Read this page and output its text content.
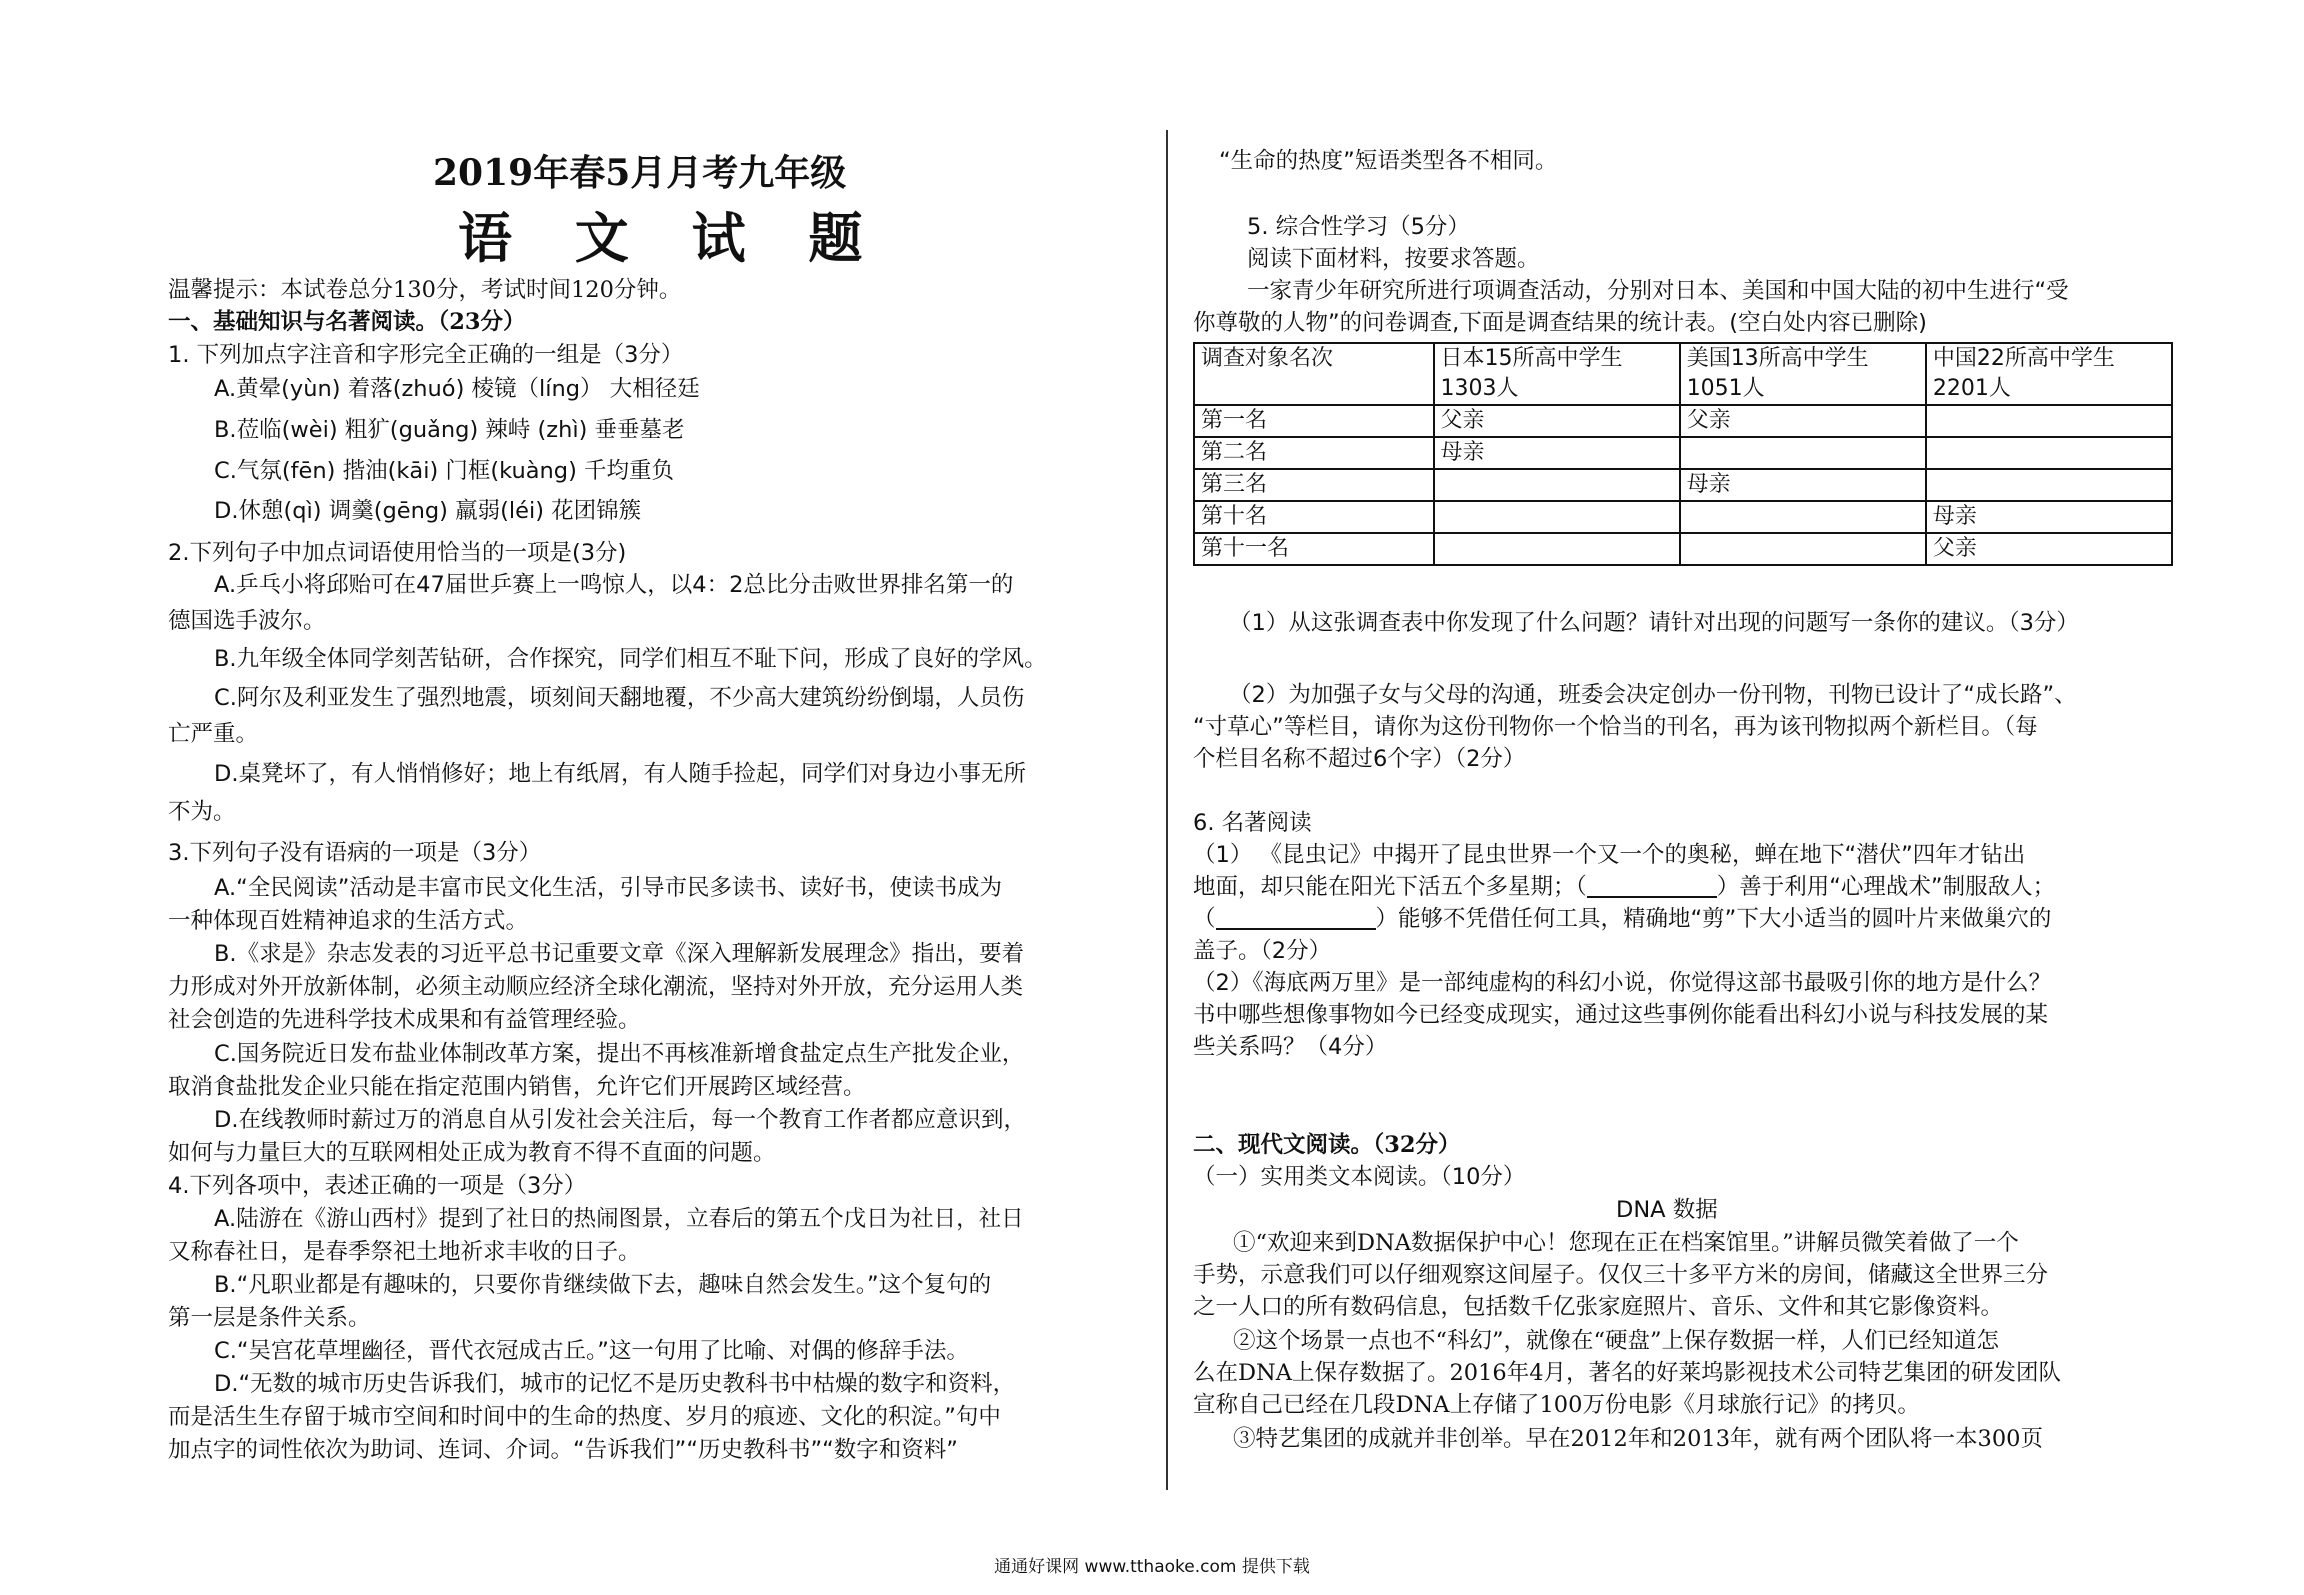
2019年春5月月考九年级
语 文 试 题
温馨提示：本试卷总分130分，考试时间120分钟。
一、基础知识与名著阅读。（23分）
1. 下列加点字注音和字形完全正确的一组是（3分）
A.黄晕(yùn) 着落(zhuó) 棱镜（líng） 大相径廷
B.莅临(wèi) 粗犷(guǎng) 辣峙 (zhì) 垂垂墓老
C.气氛(fēn) 揩油(kāi) 门框(kuàng) 千均重负
D.休憩(qì) 调羹(gēng) 羸弱(léi) 花团锦簇
2.下列句子中加点词语使用恰当的一项是(3分)
A.乒乓小将邱贻可在47届世乒赛上一鸣惊人，以4：2总比分击败世界排名第一的
德国选手波尔。
B.九年级全体同学刻苦钻研，合作探究，同学们相互不耻下问，形成了良好的学风。
C.阿尔及利亚发生了强烈地震，顷刻间天翻地覆，不少高大建筑纷纷倒塌，人员伤
亡严重。
D.桌凳坏了，有人悄悄修好；地上有纸屑，有人随手捡起，同学们对身边小事无所
不为。
3.下列句子没有语病的一项是（3分）
A.“全民阅读”活动是丰富市民文化生活，引导市民多读书、读好书，使读书成为
一种体现百姓精神追求的生活方式。
B.《求是》杂志发表的习近平总书记重要文章《深入理解新发展理念》指出，要着
力形成对外开放新体制，必须主动顺应经济全球化潮流，坚持对外开放，充分运用人类
社会创造的先进科学技术成果和有益管理经验。
C.国务院近日发布盐业体制改革方案，提出不再核准新增食盐定点生产批发企业，
取消食盐批发企业只能在指定范围内销售，允许它们开展跨区域经营。
D.在线教师时薪过万的消息自从引发社会关注后，每一个教育工作者都应意识到，
如何与力量巨大的互联网相处正成为教育不得不直面的问题。
4.下列各项中，表述正确的一项是（3分）
A.陆游在《游山西村》提到了社日的热闹图景，立春后的第五个戊日为社日，社日
又称春社日，是春季祭祀土地祈求丰收的日子。
B.“凡职业都是有趣味的，只要你肯继续做下去，趣味自然会发生。”这个复句的
第一层是条件关系。
C.“吴宫花草埋幽径，晋代衣冠成古丘。”这一句用了比喻、对偶的修辞手法。
D.“无数的城市历史告诉我们，城市的记忆不是历史教科书中枯燥的数字和资料，
而是活生生存留于城市空间和时间中的生命的热度、岁月的痕迹、文化的积淀。”句中
加点字的词性依次为助词、连词、介词。“告诉我们”“历史教科书”“数字和资料”
“生命的热度”短语类型各不相同。
5. 综合性学习（5分）
阅读下面材料，按要求答题。
一家青少年研究所进行项调查活动，分别对日本、美国和中国大陆的初中生进行“受
你尊敬的人物”的问卷调查,下面是调查结果的统计表。(空白处内容已删除)
调查对象名次	日本15所高中学生1303人	美国13所高中学生1051人	中国22所高中学生2201人
第一名	父亲	父亲	
第二名	母亲		
第三名		母亲	
第十名			母亲
第十一名			父亲
（1）从这张调查表中你发现了什么问题？请针对出现的问题写一条你的建议。（3分）
（2）为加强子女与父母的沟通，班委会决定创办一份刊物，刊物已设计了“成长路”、
“寸草心”等栏目，请你为这份刊物你一个恰当的刊名，再为该刊物拟两个新栏目。（每
个栏目名称不超过6个字）（2分）
6. 名著阅读
（1） 《昆虫记》中揭开了昆虫世界一个又一个的奥秘，蝉在地下“潜伏”四年才钻出
地面，却只能在阳光下活五个多星期；（	）善于利用“心理战术”制服敌人；
（	）能够不凭借任何工具，精确地“剪”下大小适当的圆叶片来做巢穴的
盖子。（2分）
（2）《海底两万里》是一部纯虚构的科幻小说，你觉得这部书最吸引你的地方是什么？
书中哪些想像事物如今已经变成现实，通过这些事例你能看出科幻小说与科技发展的某
些关系吗？（4分）
二、现代文阅读。（32分）
（一）实用类文本阅读。（10分）
DNA 数据
①“欢迎来到DNA数据保护中心！您现在正在档案馆里。”讲解员微笑着做了一个
手势，示意我们可以仔细观察这间屋子。仅仅三十多平方米的房间，储藏这全世界三分
之一人口的所有数码信息，包括数千亿张家庭照片、音乐、文件和其它影像资料。
②这个场景一点也不“科幻”，就像在“硬盘”上保存数据一样，人们已经知道怎
么在DNA上保存数据了。2016年4月，著名的好莱坞影视技术公司特艺集团的研发团队
宣称自己已经在几段DNA上存储了100万份电影《月球旅行记》的拷贝。
③特艺集团的成就并非创举。早在2012年和2013年，就有两个团队将一本300页
通通好课网 www.tthaoke.com 提供下载
